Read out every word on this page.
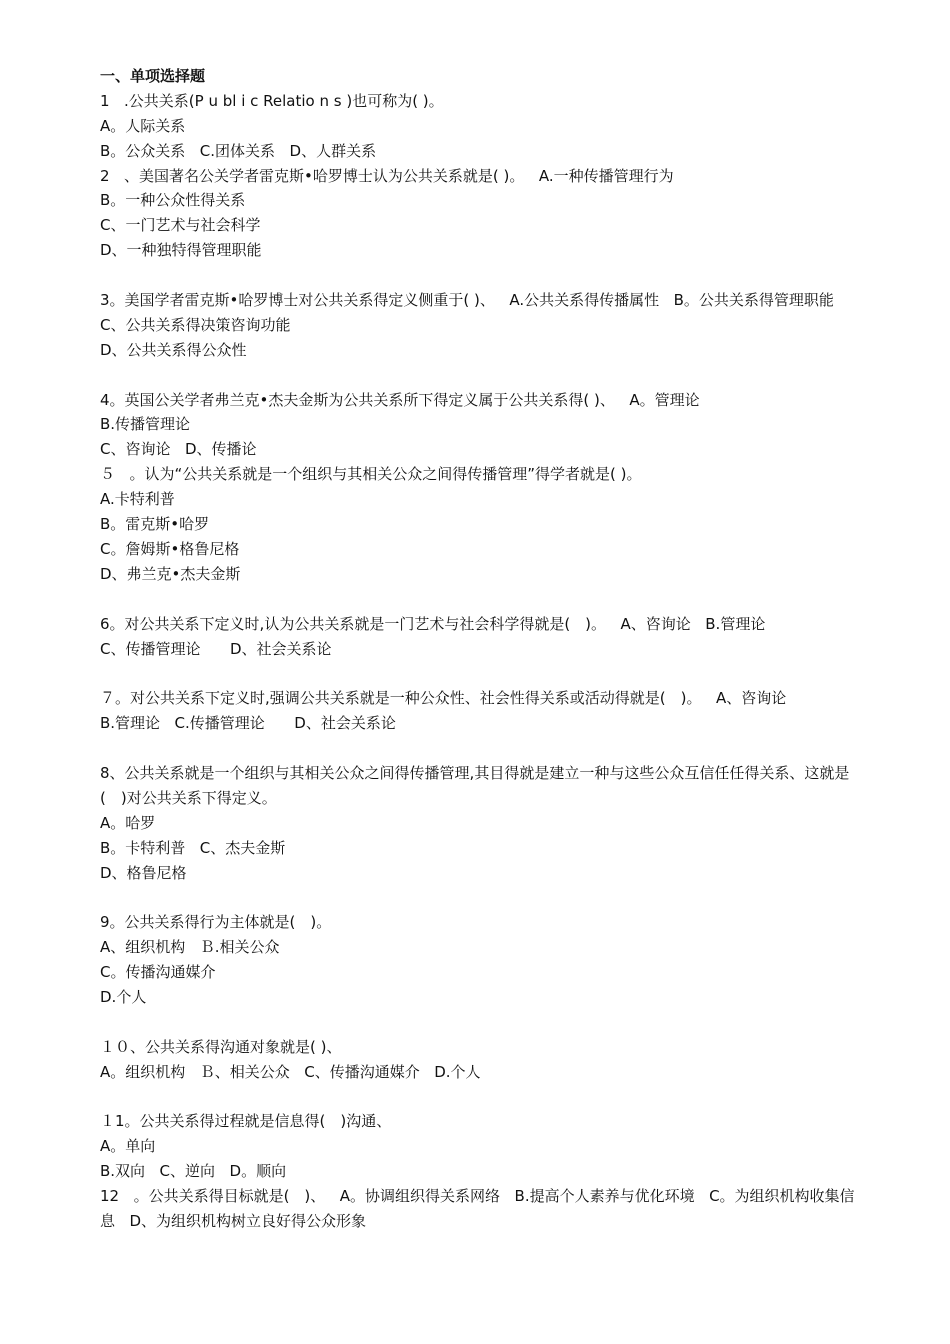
一、单项选择题
1ﾠ.公共关系(P u bl i c Relatio n s )也可称为( )。
A。人际关系
B。公众关系ﾠC.团体关系ﾠD、人群关系
2ﾠ、美国著名公关学者雷克斯•哈罗博士认为公共关系就是( )。ﾠA.一种传播管理行为
B。一种公众性得关系
C、一门艺术与社会科学
D、一种独特得管理职能
3。美国学者雷克斯•哈罗博士对公共关系得定义侧重于( )、ﾠA.公共关系得传播属性ﾠB。公共关系得管理职能
C、公共关系得决策咨询功能
D、公共关系得公众性
4。英国公关学者弗兰克•杰夫金斯为公共关系所下得定义属于公共关系得( )、ﾠA。管理论
B.传播管理论
C、咨询论ﾠD、传播论
５ﾠ。认为“公共关系就是一个组织与其相关公众之间得传播管理”得学者就是( )。
A.卡特利普
B。雷克斯•哈罗
C。詹姆斯•格鲁尼格
D、弗兰克•杰夫金斯
6。对公共关系下定义时,认为公共关系就是一门艺术与社会科学得就是(　)。ﾠA、咨询论ﾠB.管理论
C、传播管理论　ﾠD、社会关系论
７。对公共关系下定义时,强调公共关系就是一种公众性、社会性得关系或活动得就是(　)。ﾠA、咨询论
B.管理论ﾠC.传播管理论　ﾠD、社会关系论
8、公共关系就是一个组织与其相关公众之间得传播管理,其目得就是建立一种与这些公众互信任任得关系、这就是(　)对公共关系下得定义。
A。哈罗
B。卡特利普ﾠC、杰夫金斯
D、格鲁尼格
9。公共关系得行为主体就是(　)。
A、组织机构ﾠＢ.相关公众
C。传播沟通媒介
D.个人
１０、公共关系得沟通对象就是( )、
A。组织机构ﾠＢ、相关公众ﾠC、传播沟通媒介ﾠD.个人
１1。公共关系得过程就是信息得(　)沟通、
A。单向
B.双向ﾠC、逆向ﾠD。顺向
12ﾠ。公共关系得目标就是(　)、ﾠA。协调组织得关系网络ﾠB.提高个人素养与优化环境ﾠC。为组织机构收集信息ﾠD、为组织机构树立良好得公众形象
